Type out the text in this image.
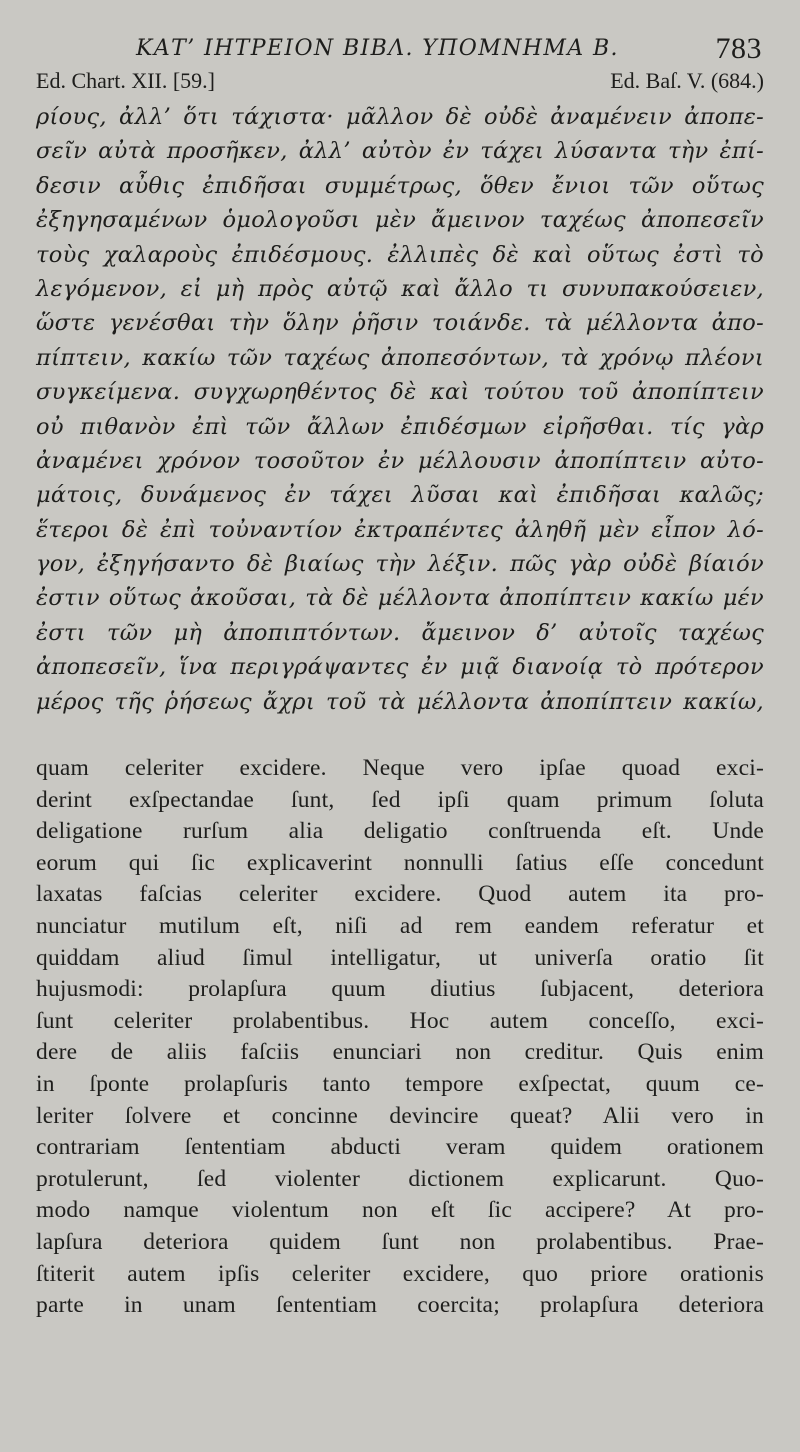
ΚΑΤ’ ΙΗΤΡΕΙΟΝ ΒΙΒΛ. ΥΠΟΜΝΗΜΑ Β.	783
Ed. Chart. XII. [59.]	Ed. Baſ. V. (684.)
ρίους, ἀλλ’ ὅτι τάχιστα· μᾶλλον δὲ οὐδὲ ἀναμένειν ἀποπε-
σεῖν αὐτὰ προσῆκεν, ἀλλ’ αὐτὸν ἐν τάχει λύσαντα τὴν ἐπί-
δεσιν αὖθις ἐπιδῆσαι συμμέτρως, ὅθεν ἔνιοι τῶν οὕτως
ἐξηγησαμένων ὁμολογοῦσι μὲν ἄμεινον ταχέως ἀποπεσεῖν
τοὺς χαλαροὺς ἐπιδέσμους. ἐλλιπὲς δὲ καὶ οὕτως ἐστὶ τὸ
λεγόμενον, εἰ μὴ πρὸς αὐτῷ καὶ ἄλλο τι συνυπακούσειεν,
ὥστε γενέσθαι τὴν ὅλην ῥῆσιν τοιάνδε. τὰ μέλλοντα ἀπο-
πίπτειν, κακίω τῶν ταχέως ἀποπεσόντων, τὰ χρόνῳ πλέονι
συγκείμενα. συγχωρηθέντος δὲ καὶ τούτου τοῦ ἀποπίπτειν
οὐ πιθανὸν ἐπὶ τῶν ἄλλων ἐπιδέσμων εἰρῆσθαι. τίς γὰρ
ἀναμένει χρόνον τοσοῦτον ἐν μέλλουσιν ἀποπίπτειν αὐτο-
μάτοις, δυνάμενος ἐν τάχει λῦσαι καὶ ἐπιδῆσαι καλῶς;
ἕτεροι δὲ ἐπὶ τοὐναντίον ἐκτραπέντες ἀληθῆ μὲν εἶπον λό-
γον, ἐξηγήσαντο δὲ βιαίως τὴν λέξιν. πῶς γὰρ οὐδὲ βίαιόν
ἐστιν οὕτως ἀκοῦσαι, τὰ δὲ μέλλοντα ἀποπίπτειν κακίω μέν
ἐστι τῶν μὴ ἀποπιπτόντων. ἄμεινον δ’ αὐτοῖς ταχέως
ἀποπεσεῖν, ἵνα περιγράψαντες ἐν μιᾷ διανοίᾳ τὸ πρότερον
μέρος τῆς ῥήσεως ἄχρι τοῦ τὰ μέλλοντα ἀποπίπτειν κακίω,
quam celeriter excidere. Neque vero ipſae quoad exci-
derint exſpectandae ſunt, ſed ipſi quam primum ſoluta
deligatione rurſum alia deligatio conſtruenda eſt. Unde
eorum qui ſic explicaverint nonnulli ſatius eſſe concedunt
laxatas faſcias celeriter excidere. Quod autem ita pro-
nunciatur mutilum eſt, niſi ad rem eandem referatur et
quiddam aliud ſimul intelligatur, ut univerſa oratio ſit
hujusmodi: prolapſura quum diutius ſubjacent, deteriora
ſunt celeriter prolabentibus. Hoc autem conceſſo, exci-
dere de aliis faſciis enunciari non creditur. Quis enim
in ſponte prolapſuris tanto tempore exſpectat, quum ce-
leriter ſolvere et concinne devincire queat? Alii vero in
contrariam ſententiam abducti veram quidem orationem
protulerunt, ſed violenter dictionem explicarunt. Quo-
modo namque violentum non eſt ſic accipere? At pro-
lapſura deteriora quidem ſunt non prolabentibus. Prae-
ſtiterit autem ipſis celeriter excidere, quo priore orationis
parte in unam ſententiam coercita; prolapſura deteriora
